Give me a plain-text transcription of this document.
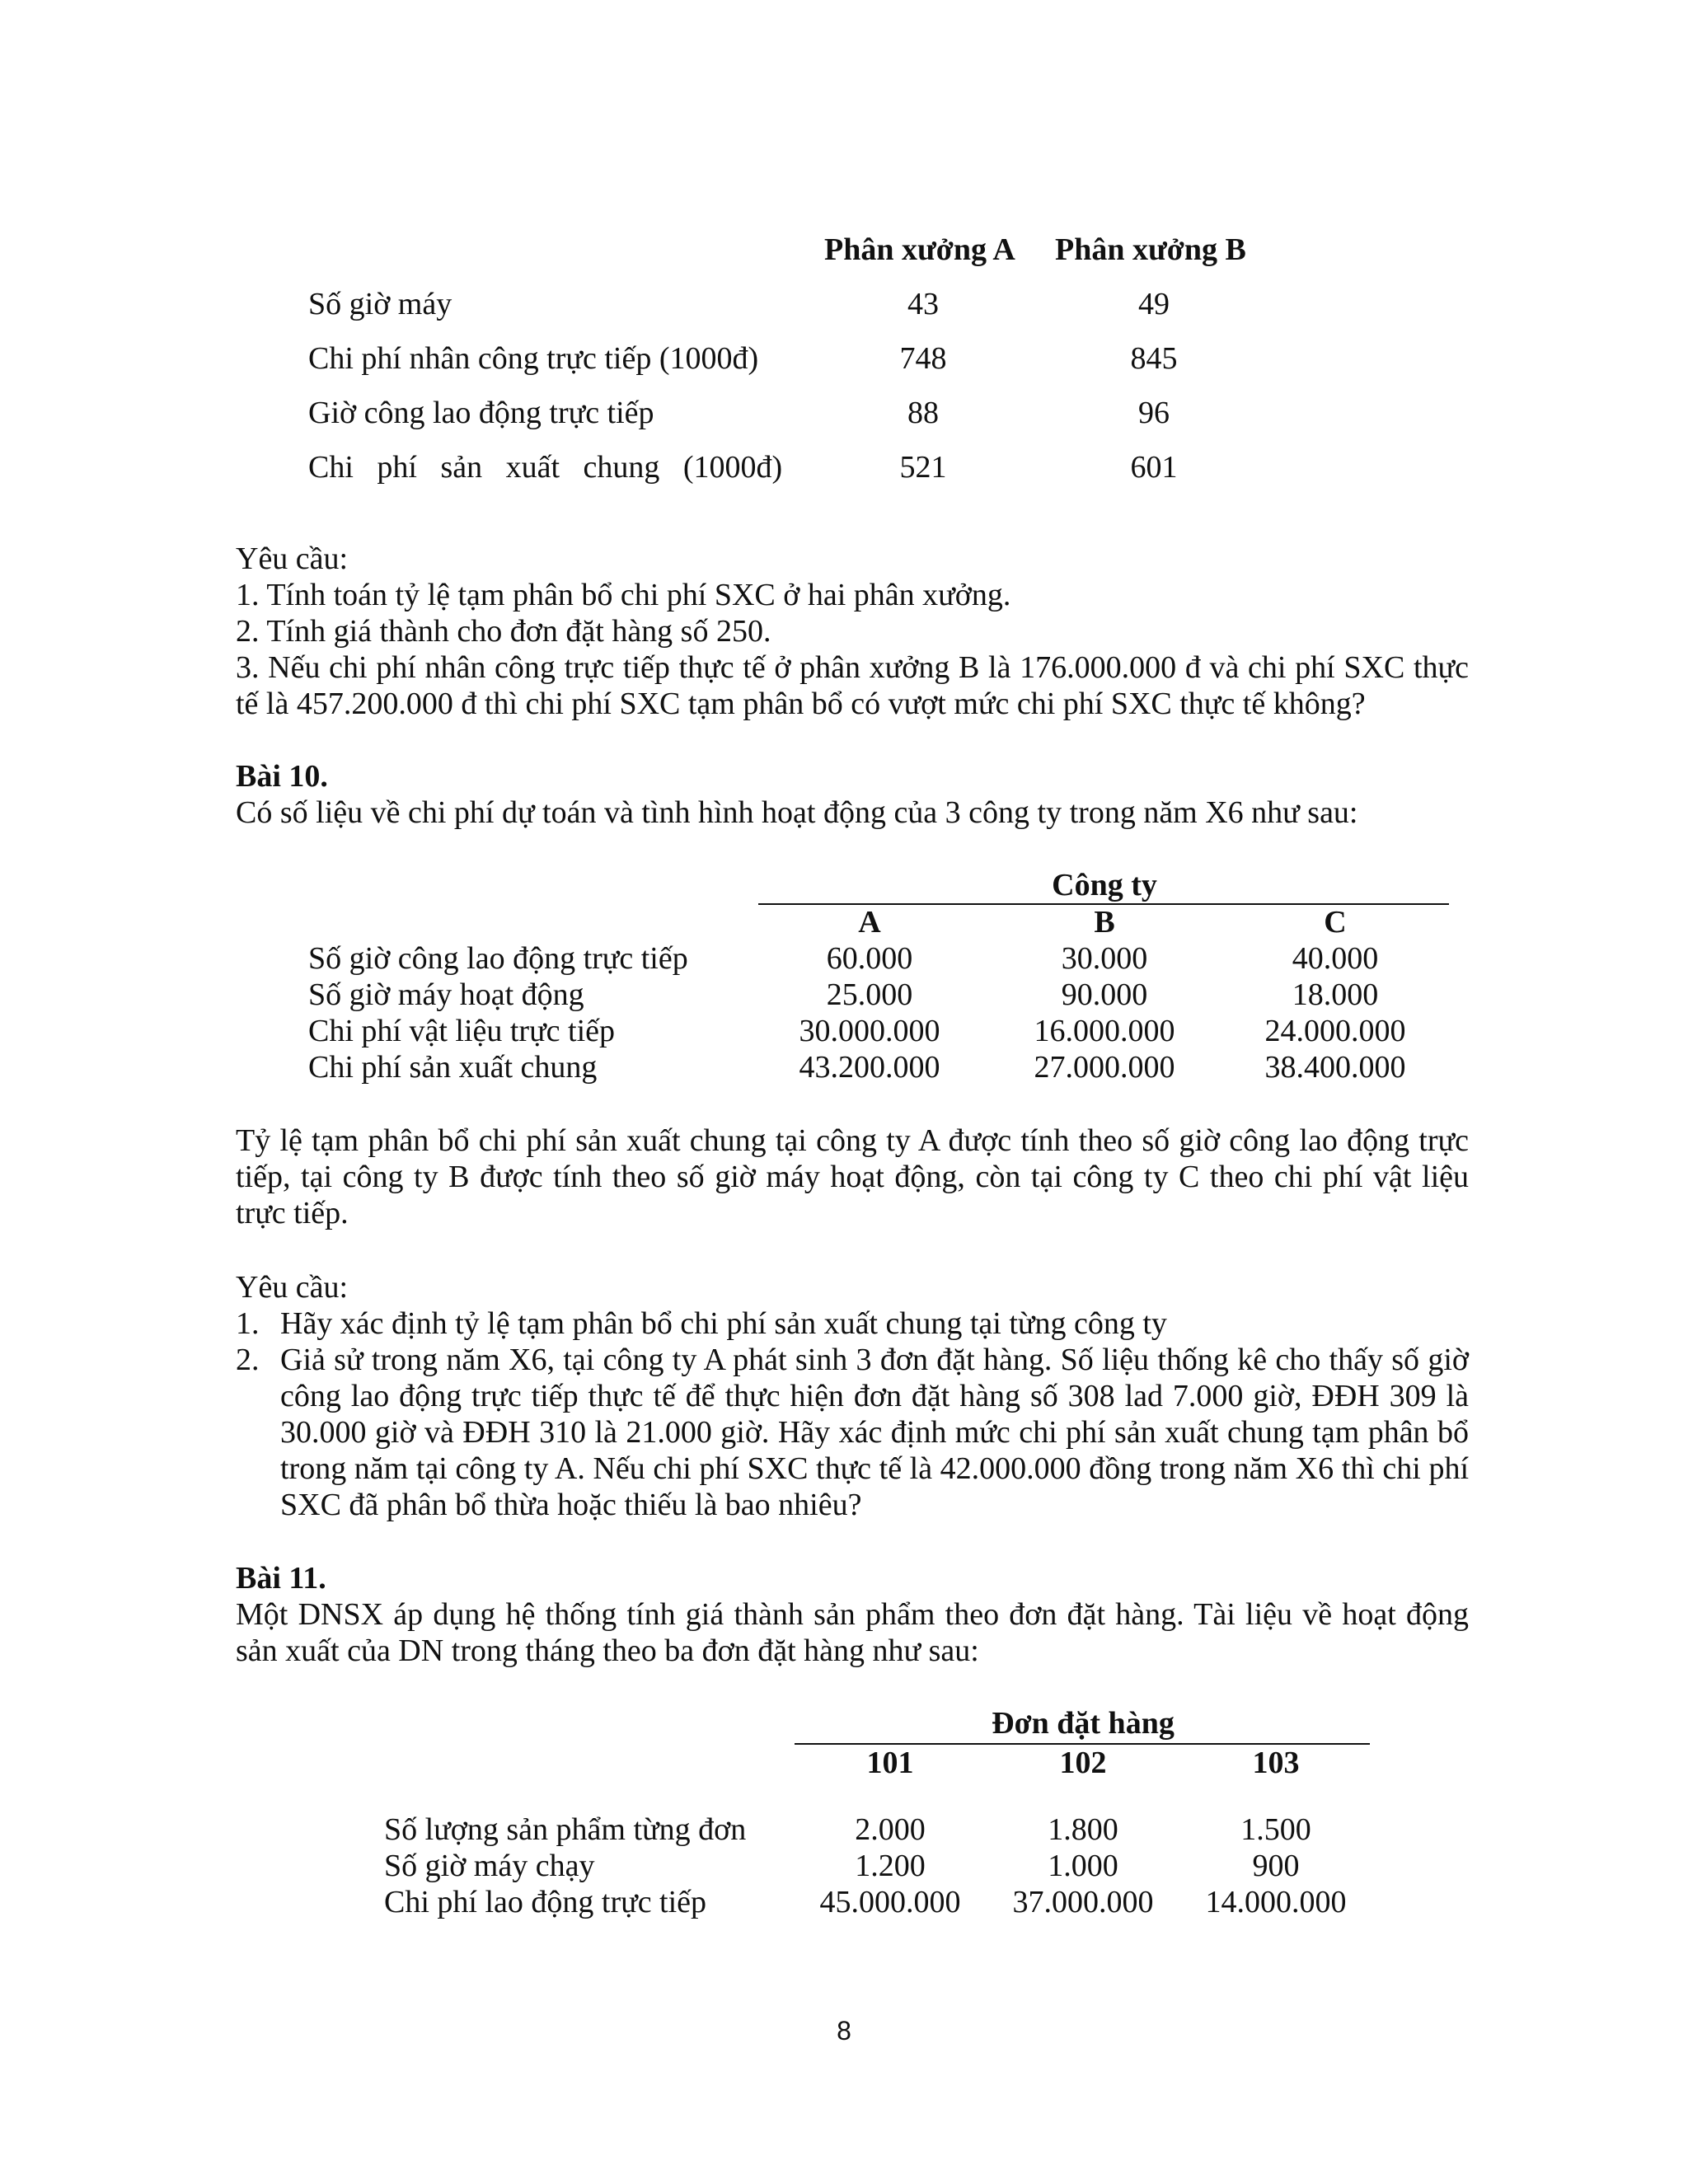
Phân xưởng A Phân xưởng B
Số giờ máy	43	49
Chi phí nhân công trực tiếp (1000đ)	748	845
Giờ công lao động trực tiếp	88	96
Chi   phí   sản   xuất   chung   (1000đ)	521	601
Yêu cầu:
1. Tính toán tỷ lệ tạm phân bổ chi phí SXC ở hai phân xưởng.
2. Tính giá thành cho đơn đặt hàng số 250.
3. Nếu chi phí nhân công trực tiếp thực tế ở phân xưởng B là 176.000.000 đ và chi phí SXC thực tế là 457.200.000 đ thì chi phí SXC tạm phân bổ có vượt mức chi phí SXC thực tế không?
Bài 10.
Có số liệu về chi phí dự toán và tình hình hoạt động của 3 công ty trong năm X6 như sau:
Công ty
A	B	C
Số giờ công lao động trực tiếp	60.000	30.000	40.000
Số giờ máy hoạt động	25.000	90.000	18.000
Chi phí vật liệu trực tiếp	30.000.000	16.000.000	24.000.000
Chi phí sản xuất chung	43.200.000	27.000.000	38.400.000
Tỷ lệ tạm phân bổ chi phí sản xuất chung tại công ty A được tính theo số giờ công lao động trực tiếp, tại công ty B được tính theo số giờ máy hoạt động, còn tại công ty C theo chi phí vật liệu trực tiếp.
Yêu cầu:
1. Hãy xác định tỷ lệ tạm phân bổ chi phí sản xuất chung tại từng công ty
2. Giả sử trong năm X6, tại công ty A phát sinh 3 đơn đặt hàng. Số liệu thống kê cho thấy số giờ công lao động trực tiếp thực tế để thực hiện đơn đặt hàng số 308 lad 7.000 giờ, ĐĐH 309 là 30.000 giờ và ĐĐH 310 là 21.000 giờ. Hãy xác định mức chi phí sản xuất chung tạm phân bổ trong năm tại công ty A. Nếu chi phí SXC thực tế là 42.000.000 đồng trong năm X6 thì chi phí SXC đã phân bổ thừa hoặc thiếu là bao nhiêu?
Bài 11.
Một DNSX áp dụng hệ thống tính giá thành sản phẩm theo đơn đặt hàng. Tài liệu về hoạt động sản xuất của DN trong tháng theo ba đơn đặt hàng như sau:
Đơn đặt hàng
101	102	103
Số lượng sản phẩm từng đơn	2.000	1.800	1.500
Số giờ máy chạy	1.200	1.000	900
Chi phí lao động trực tiếp	45.000.000	37.000.000	14.000.000
8
